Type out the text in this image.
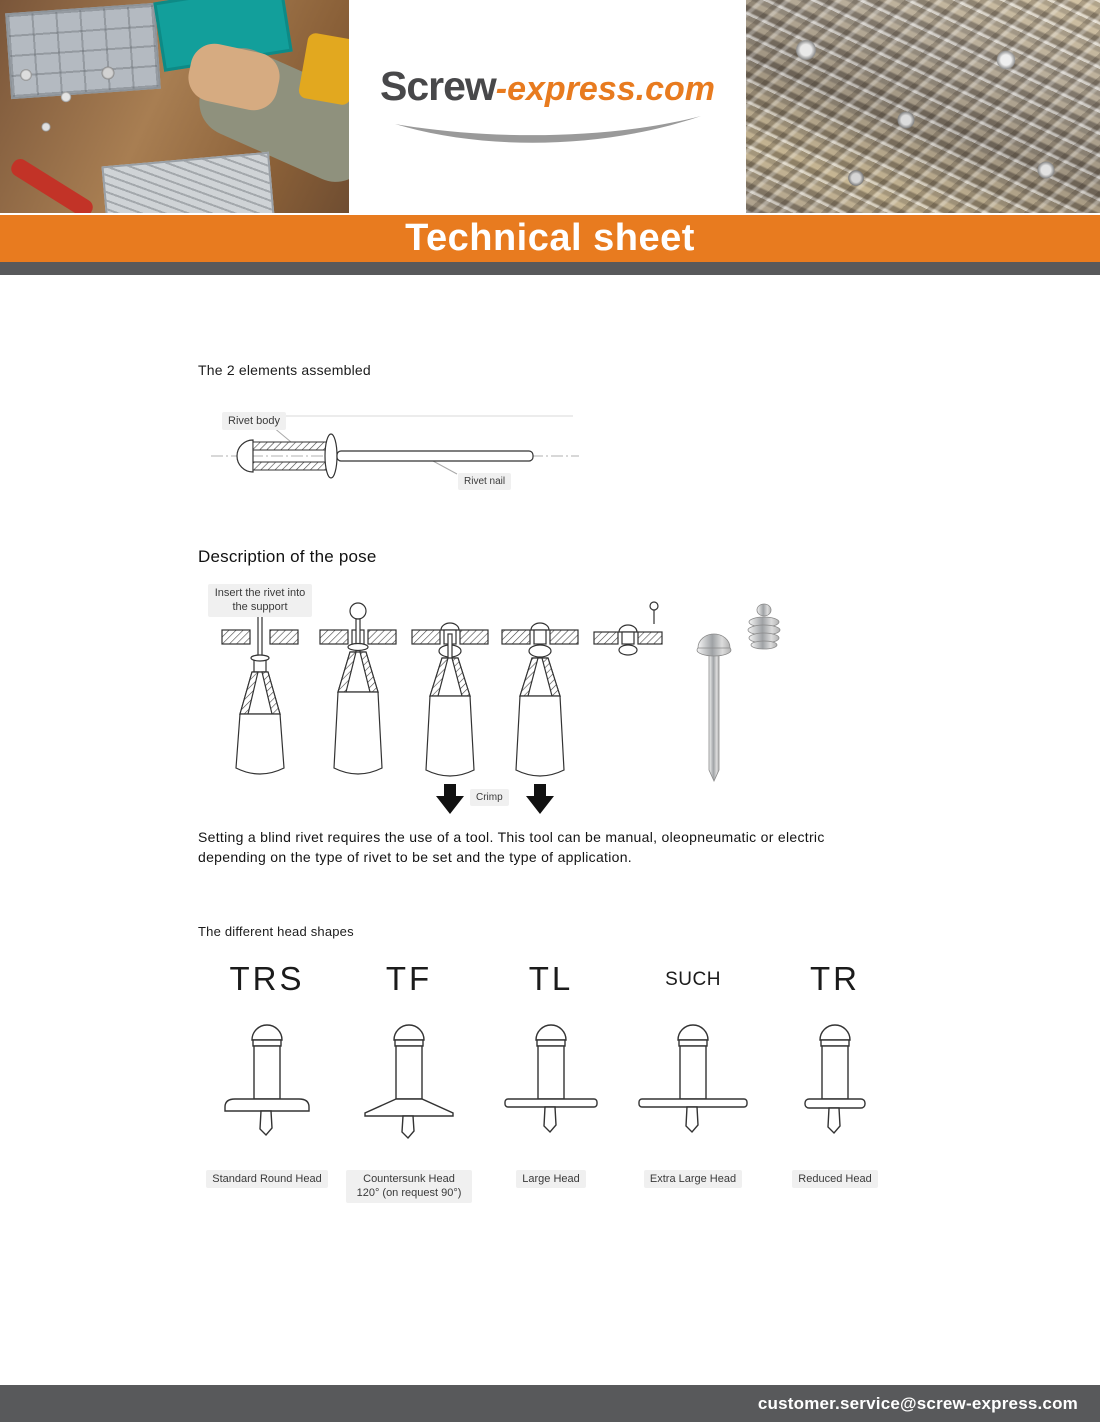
Screw-express.com
Technical sheet
The 2 elements assembled
Rivet body
Rivet nail
Description of the pose
Insert the rivet into the support
Crimp

Setting a blind rivet requires the use of a tool. This tool can be manual, oleopneumatic or electric depending on the type of rivet to be set and the type of application.

The different head shapes
TRS
Standard Round Head
TF
Countersunk Head 120° (on request 90°)
TL
Large Head
SUCH
Extra Large Head
TR
Reduced Head
customer.service@screw-express.com
